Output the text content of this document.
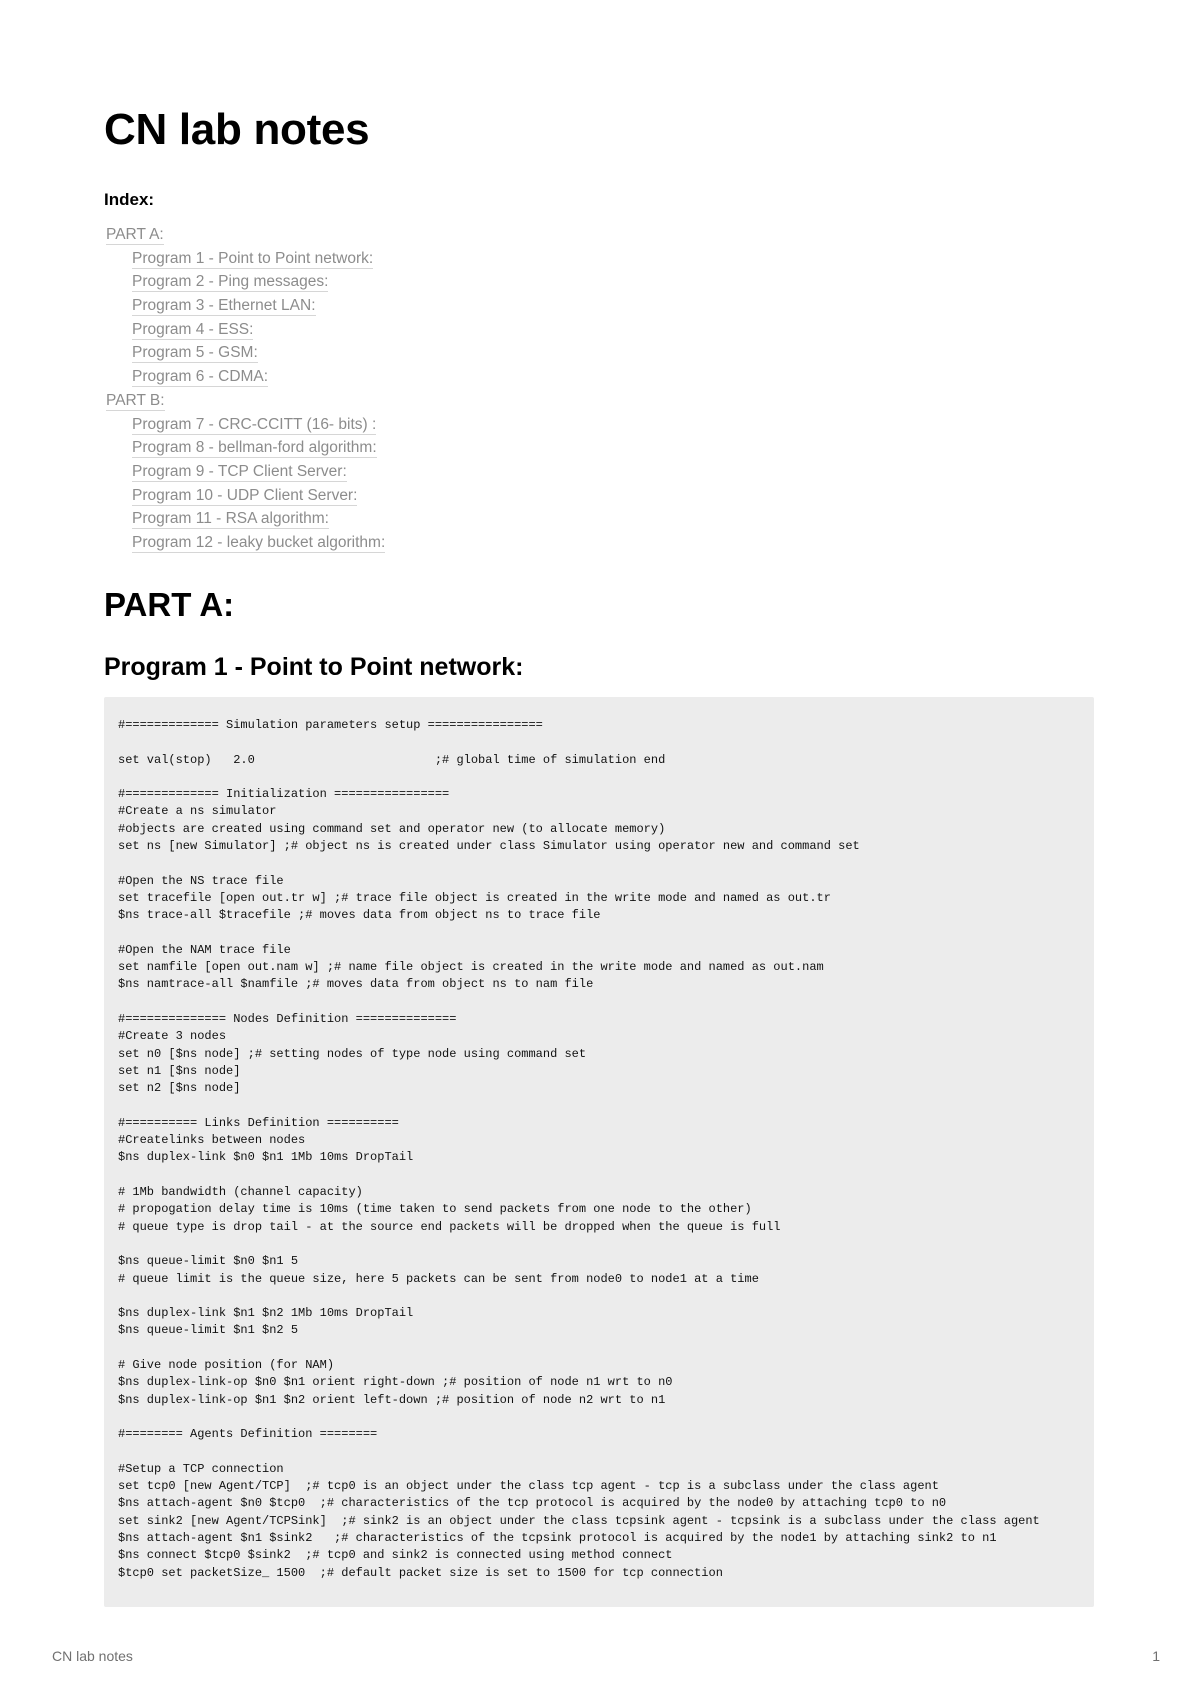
CN lab notes
Index:
PART A:
Program 1 - Point to Point network:
Program 2 - Ping messages:
Program 3 - Ethernet LAN:
Program 4 - ESS:
Program 5 - GSM:
Program 6 - CDMA:
PART B:
Program 7 - CRC-CCITT (16- bits) :
Program 8 - bellman-ford algorithm:
Program 9 - TCP Client Server:
Program 10 - UDP Client Server:
Program 11 - RSA algorithm:
Program 12 - leaky bucket algorithm:
PART A:
Program 1 - Point to Point network:
#============= Simulation parameters setup ================

set val(stop)   2.0                         ;# global time of simulation end

#============= Initialization ================
#Create a ns simulator
#objects are created using command set and operator new (to allocate memory)
set ns [new Simulator] ;# object ns is created under class Simulator using operator new and command set

#Open the NS trace file
set tracefile [open out.tr w] ;# trace file object is created in the write mode and named as out.tr
$ns trace-all $tracefile ;# moves data from object ns to trace file

#Open the NAM trace file
set namfile [open out.nam w] ;# name file object is created in the write mode and named as out.nam
$ns namtrace-all $namfile ;# moves data from object ns to nam file

#============== Nodes Definition ==============
#Create 3 nodes
set n0 [$ns node] ;# setting nodes of type node using command set
set n1 [$ns node]
set n2 [$ns node]

#========== Links Definition ==========
#Createlinks between nodes
$ns duplex-link $n0 $n1 1Mb 10ms DropTail

# 1Mb bandwidth (channel capacity)
# propogation delay time is 10ms (time taken to send packets from one node to the other)
# queue type is drop tail - at the source end packets will be dropped when the queue is full

$ns queue-limit $n0 $n1 5
# queue limit is the queue size, here 5 packets can be sent from node0 to node1 at a time

$ns duplex-link $n1 $n2 1Mb 10ms DropTail
$ns queue-limit $n1 $n2 5

# Give node position (for NAM)
$ns duplex-link-op $n0 $n1 orient right-down ;# position of node n1 wrt to n0
$ns duplex-link-op $n1 $n2 orient left-down ;# position of node n2 wrt to n1

#======== Agents Definition ========

#Setup a TCP connection
set tcp0 [new Agent/TCP]  ;# tcp0 is an object under the class tcp agent - tcp is a subclass under the class agent
$ns attach-agent $n0 $tcp0  ;# characteristics of the tcp protocol is acquired by the node0 by attaching tcp0 to n0
set sink2 [new Agent/TCPSink]  ;# sink2 is an object under the class tcpsink agent - tcpsink is a subclass under the class agent
$ns attach-agent $n1 $sink2   ;# characteristics of the tcpsink protocol is acquired by the node1 by attaching sink2 to n1
$ns connect $tcp0 $sink2  ;# tcp0 and sink2 is connected using method connect
$tcp0 set packetSize_ 1500  ;# default packet size is set to 1500 for tcp connection
CN lab notes	1
